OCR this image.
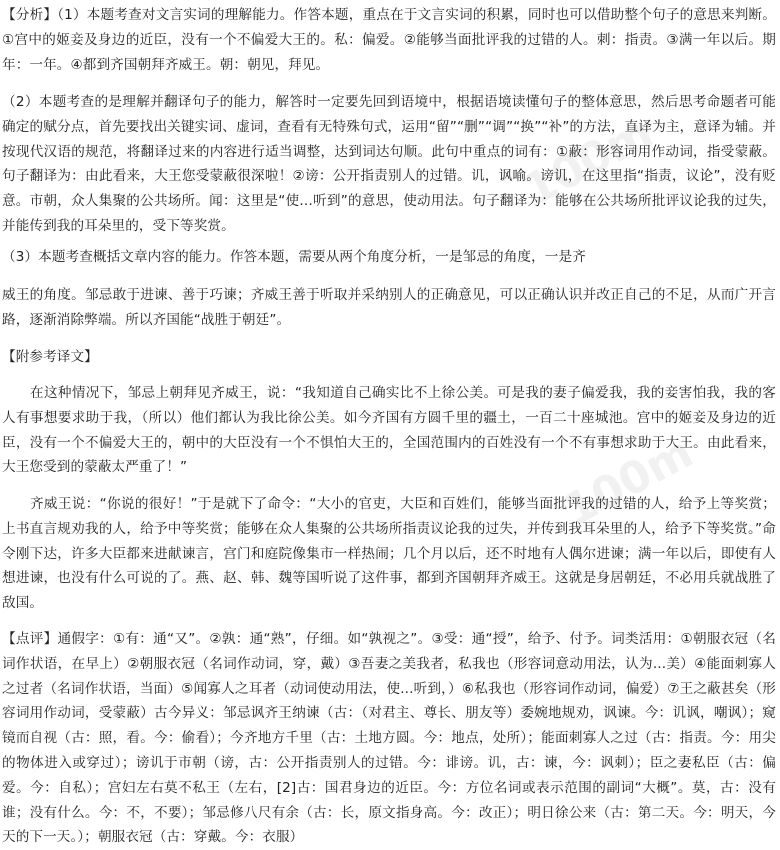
100m
100m

【分析】（1）本题考查对文言实词的理解能力。作答本题，重点在于文言实词的积累，同时也可以借助整个句子的意思来判断。①宫中的姬妾及身边的近臣，没有一个不偏爱大王的。私：偏爱。②能够当面批评我的过错的人。刺：指责。③满一年以后。期年：一年。④都到齐国朝拜齐威王。朝：朝见，拜见。

（2）本题考查的是理解并翻译句子的能力，解答时一定要先回到语境中，根据语境读懂句子的整体意思，然后思考命题者可能确定的赋分点，首先要找出关键实词、虚词，查看有无特殊句式，运用“留”“删”“调”“换”“补”的方法，直译为主，意译为辅。并按现代汉语的规范，将翻译过来的内容进行适当调整，达到词达句顺。此句中重点的词有：①蔽：形容词用作动词，指受蒙蔽。句子翻译为：由此看来，大王您受蒙蔽很深啦！②谤：公开指责别人的过错。讥，讽喻。谤讥，在这里指“指责，议论”，没有贬意。市朝，众人集聚的公共场所。闻：这里是“使…听到”的意思，使动用法。句子翻译为：能够在公共场所批评议论我的过失，并能传到我的耳朵里的，受下等奖赏。

（3）本题考查概括文章内容的能力。作答本题，需要从两个角度分析，一是邹忌的角度，一是齐

威王的角度。邹忌敢于进谏、善于巧谏；齐威王善于听取并采纳别人的正确意见，可以正确认识并改正自己的不足，从而广开言路，逐渐消除弊端。所以齐国能“战胜于朝廷”。

【附参考译文】

在这种情况下，邹忌上朝拜见齐威王，说：“我知道自己确实比不上徐公美。可是我的妻子偏爱我，我的妾害怕我，我的客人有事想要求助于我，（所以）他们都认为我比徐公美。如今齐国有方圆千里的疆土，一百二十座城池。宫中的姬妾及身边的近臣，没有一个不偏爱大王的，朝中的大臣没有一个不惧怕大王的，全国范围内的百姓没有一个不有事想求助于大王。由此看来，大王您受到的蒙蔽太严重了！”

齐威王说：“你说的很好！”于是就下了命令：“大小的官吏，大臣和百姓们，能够当面批评我的过错的人，给予上等奖赏；上书直言规劝我的人，给予中等奖赏；能够在众人集聚的公共场所指责议论我的过失，并传到我耳朵里的人，给予下等奖赏。”命令刚下达，许多大臣都来进献谏言，宫门和庭院像集市一样热闹；几个月以后，还不时地有人偶尔进谏；满一年以后，即使有人想进谏，也没有什么可说的了。燕、赵、韩、魏等国听说了这件事，都到齐国朝拜齐威王。这就是身居朝廷，不必用兵就战胜了敌国。

【点评】通假字：①有：通“又”。②孰：通“熟”，仔细。如“孰视之”。③受：通“授”，给予、付予。词类活用：①朝服衣冠（名词作状语，在早上）②朝服衣冠（名词作动词，穿，戴）③吾妻之美我者，私我也（形容词意动用法，认为...美）④能面刺寡人之过者（名词作状语，当面）⑤闻寡人之耳者（动词使动用法，使...听到，）⑥私我也（形容词作动词，偏爱）⑦王之蔽甚矣（形容词用作动词，受蒙蔽）古今异义：邹忌讽齐王纳谏（古：（对君主、尊长、朋友等）委婉地规劝，讽谏。今：讥讽，嘲讽）；窥镜而自视（古：照，看。今：偷看）；今齐地方千里（古：土地方圆。今：地点，处所）；能面刺寡人之过（古：指责。今：用尖的物体进入或穿过）；谤讥于市朝（谤，古：公开指责别人的过错。今：诽谤。讥，古：谏，今：讽刺）；臣之妻私臣（古：偏爱。今：自私）；宫妇左右莫不私王（左右，[2]古：国君身边的近臣。今：方位名词或表示范围的副词“大概”。莫，古：没有谁；没有什么。今：不，不要）；邹忌修八尺有余（古：长，原文指身高。今：改正）；明日徐公来（古：第二天。今：明天，今天的下一天。）；朝服衣冠（古：穿戴。今：衣服）
